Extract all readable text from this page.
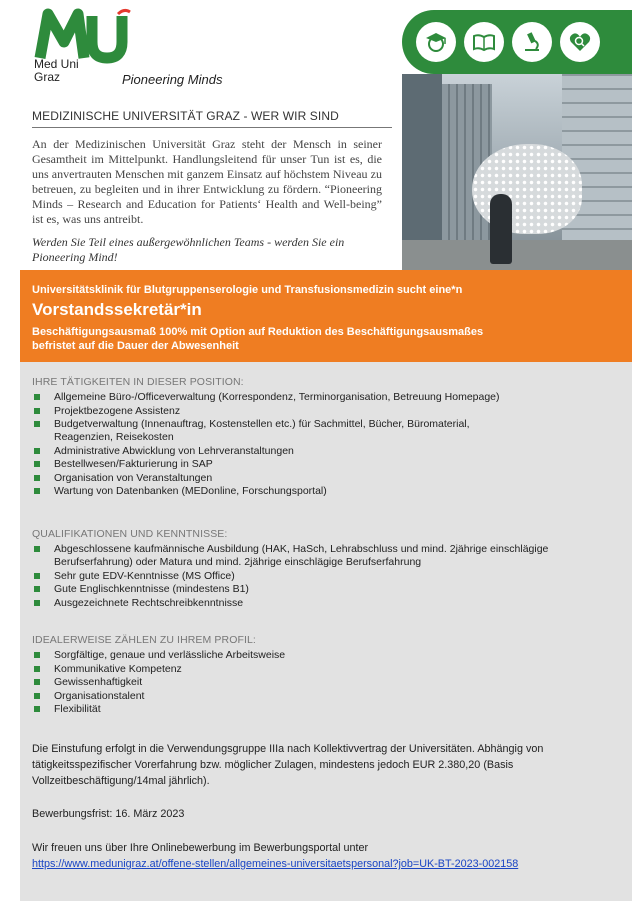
Med Uni
Graz	Pioneering Minds
MEDIZINISCHE UNIVERSITÄT GRAZ - WER WIR SIND

An der Medizinischen Universität Graz steht der Mensch in seiner Gesamtheit im Mittelpunkt. Handlungsleitend für unser Tun ist es, die uns anvertrauten Menschen mit ganzem Einsatz auf höchstem Niveau zu betreuen, zu begleiten und in ihrer Entwicklung zu fördern. “Pioneering Minds – Research and Education for Patients‘ Health and Well-being” ist es, was uns antreibt.

Werden Sie Teil eines außergewöhnlichen Teams - werden Sie ein Pioneering Mind!

Universitätsklinik für Blutgruppenserologie und Transfusionsmedizin sucht eine*n
Vorstandssekretär*in
Beschäftigungsausmaß 100% mit Option auf Reduktion des Beschäftigungsausmaßes
befristet auf die Dauer der Abwesenheit
IHRE TÄTIGKEITEN IN DIESER POSITION:
Allgemeine Büro-/Officeverwaltung (Korrespondenz, Terminorganisation, Betreuung Homepage)
Projektbezogene Assistenz
Budgetverwaltung (Innenauftrag, Kostenstellen etc.) für Sachmittel, Bücher, Büromaterial, Reagenzien, Reisekosten
Administrative Abwicklung von Lehrveranstaltungen
Bestellwesen/Fakturierung in SAP
Organisation von Veranstaltungen
Wartung von Datenbanken (MEDonline, Forschungsportal)
QUALIFIKATIONEN UND KENNTNISSE:
Abgeschlossene kaufmännische Ausbildung (HAK, HaSch, Lehrabschluss und mind. 2jährige einschlägige Berufserfahrung) oder Matura und mind. 2jährige einschlägige Berufserfahrung
Sehr gute EDV-Kenntnisse (MS Office)
Gute Englischkenntnisse (mindestens B1)
Ausgezeichnete Rechtschreibkenntnisse
IDEALERWEISE ZÄHLEN ZU IHREM PROFIL:
Sorgfältige, genaue und verlässliche Arbeitsweise
Kommunikative Kompetenz
Gewissenhaftigkeit
Organisationstalent
Flexibilität

Die Einstufung erfolgt in die Verwendungsgruppe IIIa nach Kollektivvertrag der Universitäten. Abhängig von tätigkeitsspezifischer Vorerfahrung bzw. möglicher Zulagen, mindestens jedoch EUR 2.380,20 (Basis Vollzeitbeschäftigung/14mal jährlich).

Bewerbungsfrist: 16. März 2023

Wir freuen uns über Ihre Onlinebewerbung im Bewerbungsportal unter

https://www.medunigraz.at/offene-stellen/allgemeines-universitaetspersonal?job=UK-BT-2023-002158
